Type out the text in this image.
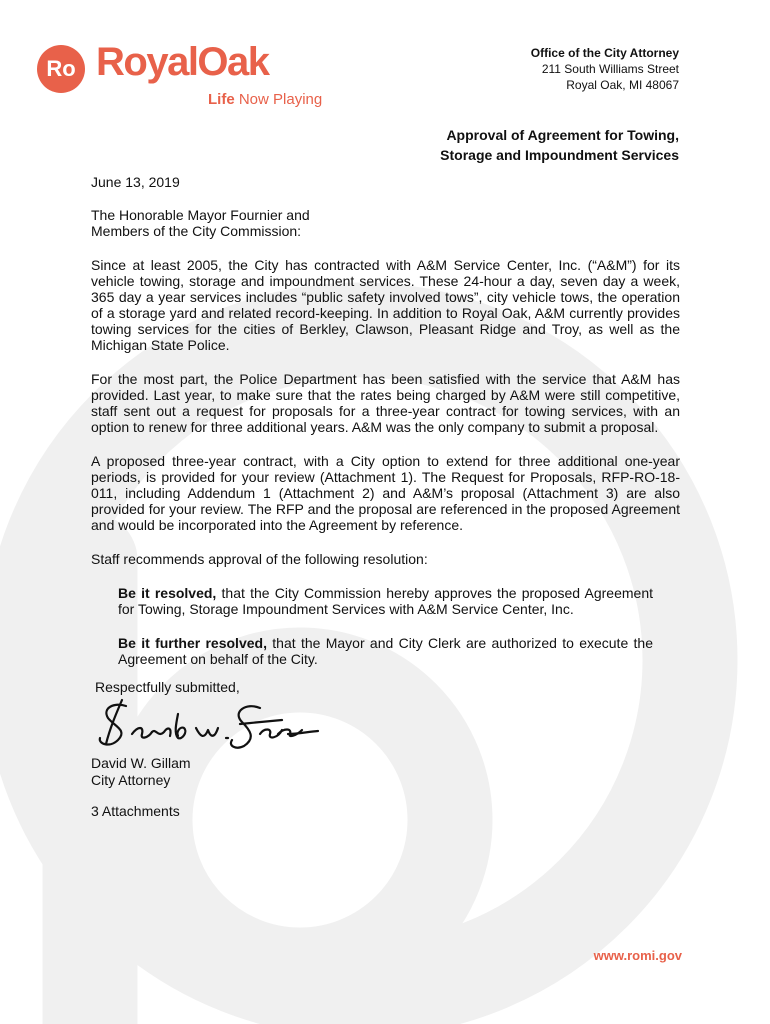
Ro RoyalOak
Life Now Playing
Office of the City Attorney
211 South Williams Street
Royal Oak, MI 48067
Approval of Agreement for Towing,
Storage and Impoundment Services

June 13, 2019

The Honorable Mayor Fournier and

Members of the City Commission:

Since at least 2005, the City has contracted with A&M Service Center, Inc. (“A&M”) for its vehicle towing, storage and impoundment services. These 24-hour a day, seven day a week, 365 day a year services includes “public safety involved tows”, city vehicle tows, the operation of a storage yard and related record-keeping. In addition to Royal Oak, A&M currently provides towing services for the cities of Berkley, Clawson, Pleasant Ridge and Troy, as well as the Michigan State Police.

For the most part, the Police Department has been satisfied with the service that A&M has provided. Last year, to make sure that the rates being charged by A&M were still competitive, staff sent out a request for proposals for a three-year contract for towing services, with an option to renew for three additional years. A&M was the only company to submit a proposal.

A proposed three-year contract, with a City option to extend for three additional one-year periods, is provided for your review (Attachment 1). The Request for Proposals, RFP-RO-18-011, including Addendum 1 (Attachment 2) and A&M’s proposal (Attachment 3) are also provided for your review. The RFP and the proposal are referenced in the proposed Agreement and would be incorporated into the Agreement by reference.

Staff recommends approval of the following resolution:

Be it resolved, that the City Commission hereby approves the proposed Agreement for Towing, Storage Impoundment Services with A&M Service Center, Inc.

Be it further resolved, that the Mayor and City Clerk are authorized to execute the Agreement on behalf of the City.

Respectfully submitted,
David W. Gillam
City Attorney
3 Attachments
www.romi.gov
